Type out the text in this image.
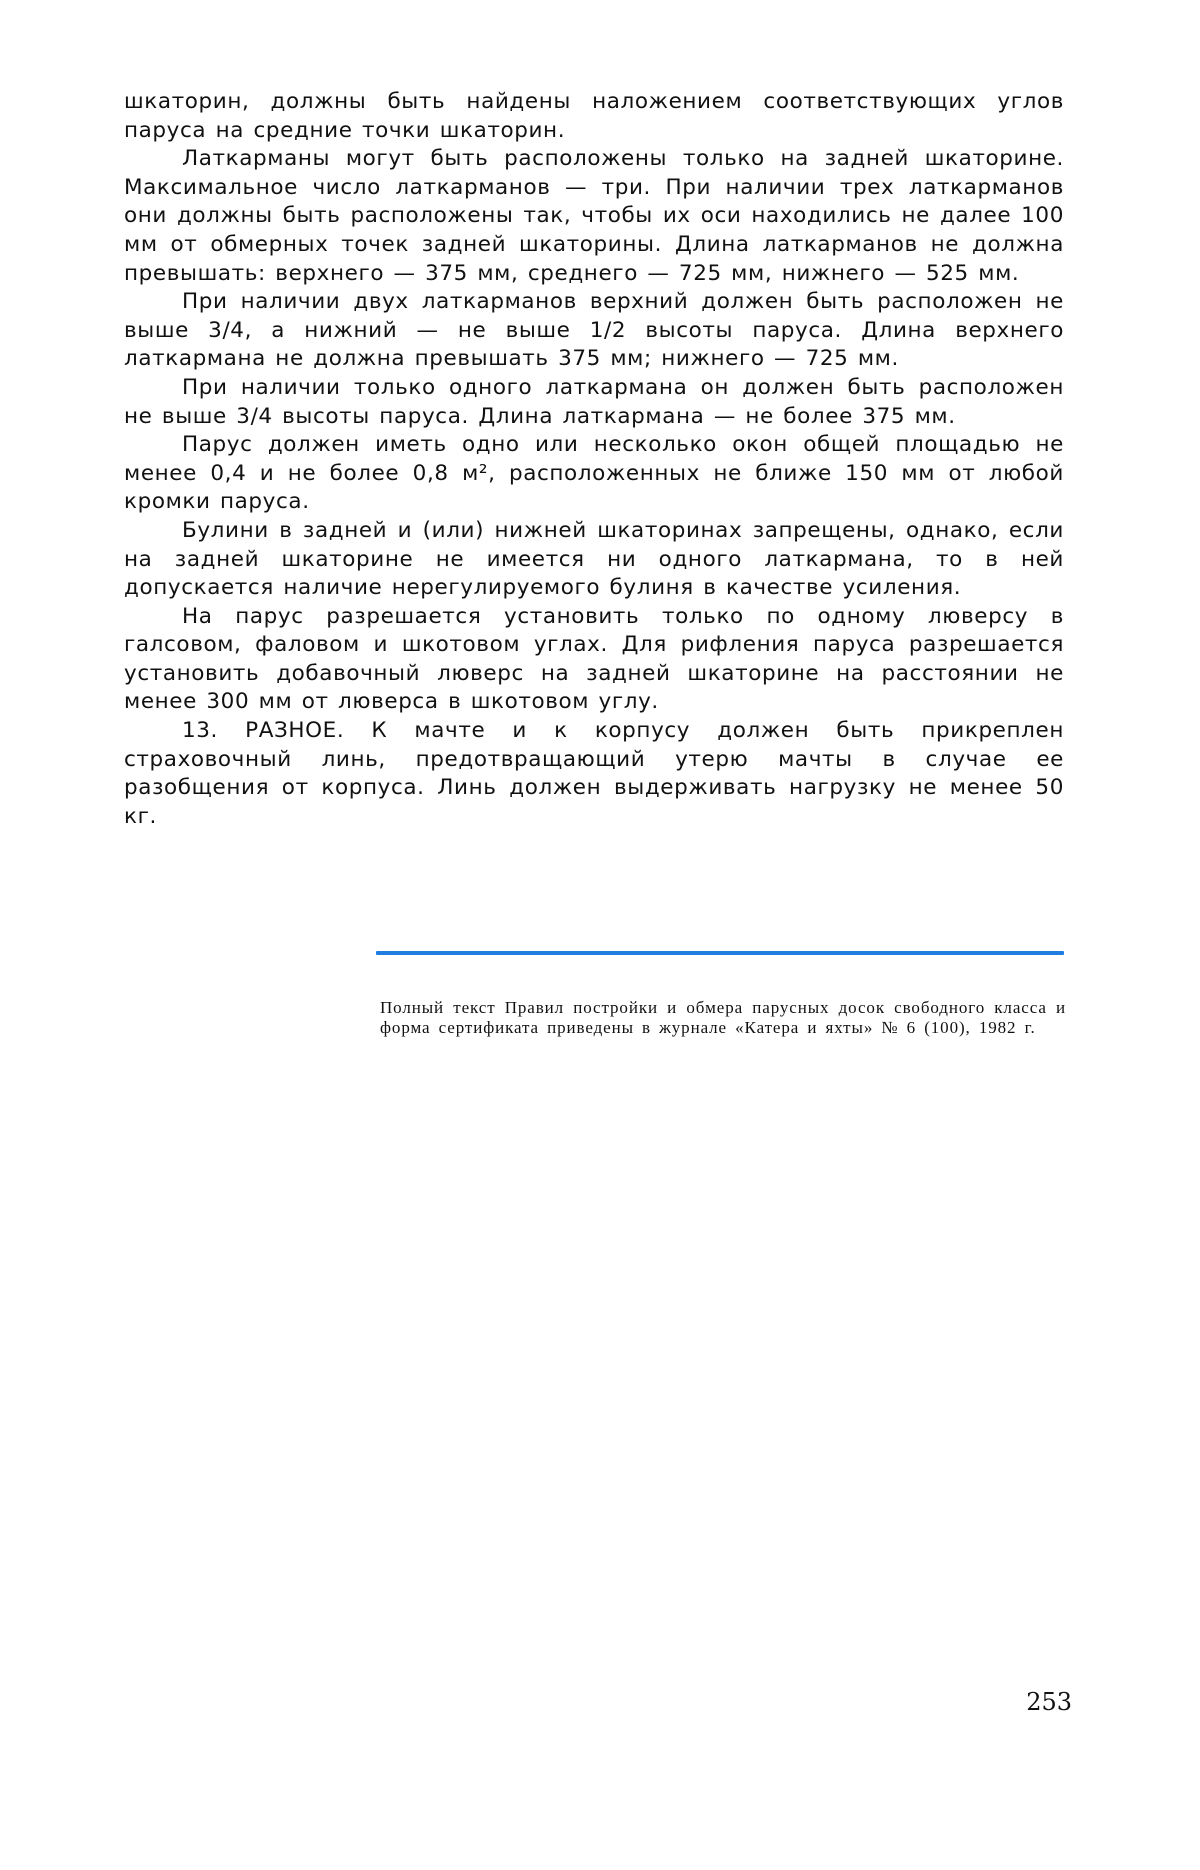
шкаторин, должны быть найдены наложением соответствующих углов паруса на средние точки шкаторин.

Латкарманы могут быть расположены только на задней шкаторине. Максимальное число латкарманов — три. При наличии трех латкарманов они должны быть расположены так, чтобы их оси находились не далее 100 мм от обмерных точек задней шкаторины. Длина латкарманов не должна превышать: верхнего — 375 мм, среднего — 725 мм, нижнего — 525 мм.

При наличии двух латкарманов верхний должен быть расположен не выше 3/4, а нижний — не выше 1/2 высоты паруса. Длина верхнего латкармана не должна превышать 375 мм; нижнего — 725 мм.

При наличии только одного латкармана он должен быть расположен не выше 3/4 высоты паруса. Длина латкармана — не более 375 мм.

Парус должен иметь одно или несколько окон общей площадью не менее 0,4 и не более 0,8 м², расположенных не ближе 150 мм от любой кромки паруса.

Булини в задней и (или) нижней шкаторинах запрещены, однако, если на задней шкаторине не имеется ни одного латкармана, то в ней допускается наличие нерегулируемого булиня в качестве усиления.

На парус разрешается установить только по одному люверсу в галсовом, фаловом и шкотовом углах. Для рифления паруса разрешается установить добавочный люверс на задней шкаторине на расстоянии не менее 300 мм от люверса в шкотовом углу.

13. РАЗНОЕ. К мачте и к корпусу должен быть прикреплен страховочный линь, предотвращающий утерю мачты в случае ее разобщения от корпуса. Линь должен выдерживать нагрузку не менее 50 кг.

Полный текст Правил постройки и обмера парусных досок свободного класса и форма сертификата приведены в журнале «Катера и яхты» № 6 (100), 1982 г.

253
